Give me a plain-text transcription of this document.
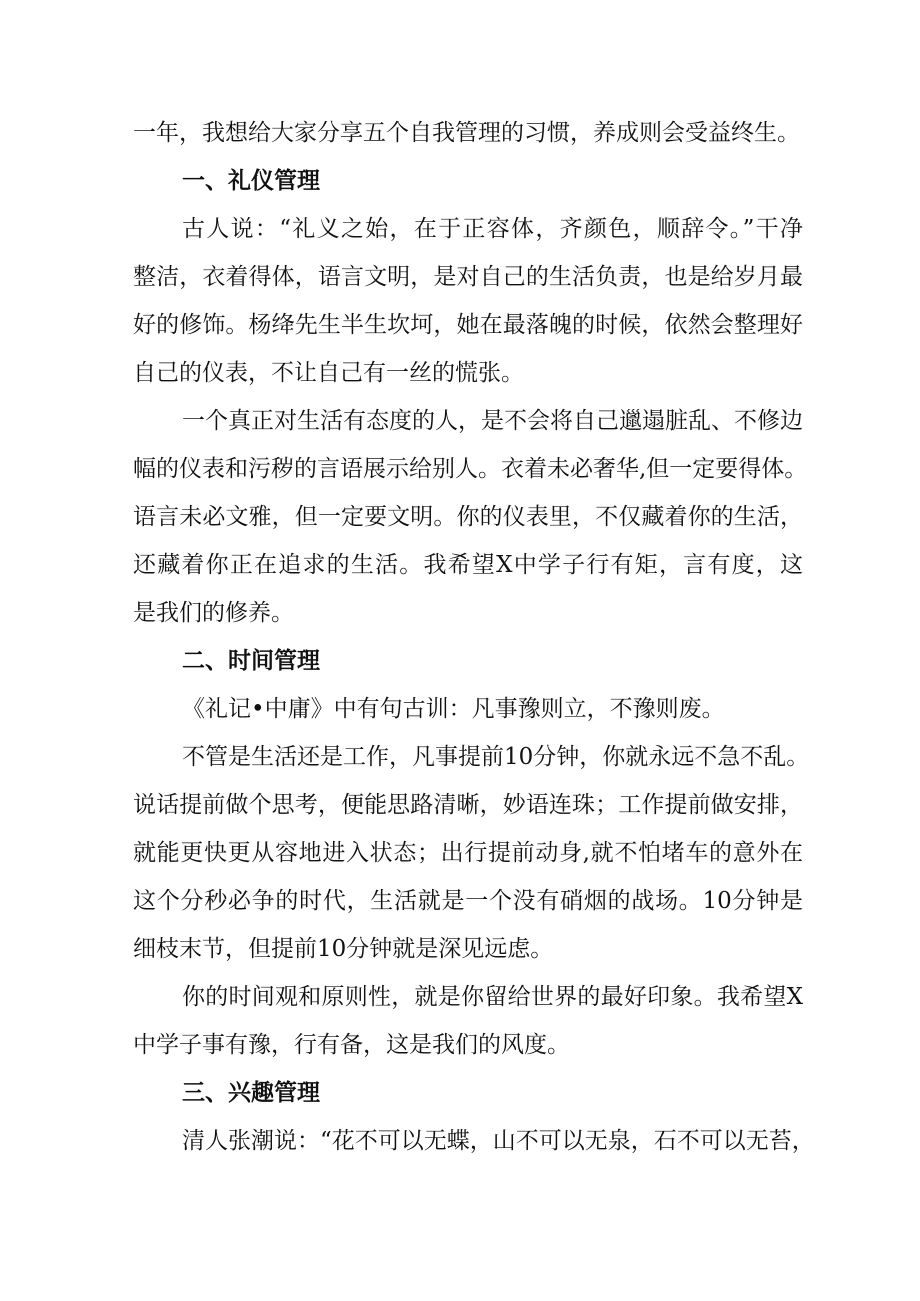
一年，我想给大家分享五个自我管理的习惯，养成则会受益终生。
一、礼仪管理
古人说：“礼义之始，在于正容体，齐颜色，顺辞令。”干净
整洁，衣着得体，语言文明，是对自己的生活负责，也是给岁月最
好的修饰。杨绛先生半生坎坷，她在最落魄的时候，依然会整理好
自己的仪表，不让自己有一丝的慌张。
一个真正对生活有态度的人，是不会将自己邋遢脏乱、不修边
幅的仪表和污秽的言语展示给别人。衣着未必奢华,但一定要得体。
语言未必文雅，但一定要文明。你的仪表里，不仅藏着你的生活，
还藏着你正在追求的生活。我希望X中学子行有矩，言有度，这
是我们的修养。
二、时间管理
《礼记•中庸》中有句古训：凡事豫则立，不豫则废。
不管是生活还是工作，凡事提前10分钟，你就永远不急不乱。
说话提前做个思考，便能思路清晰，妙语连珠；工作提前做安排，
就能更快更从容地进入状态；出行提前动身,就不怕堵车的意外在
这个分秒必争的时代，生活就是一个没有硝烟的战场。10分钟是
细枝末节，但提前10分钟就是深见远虑。
你的时间观和原则性，就是你留给世界的最好印象。我希望X
中学子事有豫，行有备，这是我们的风度。
三、兴趣管理
清人张潮说：“花不可以无蝶，山不可以无泉，石不可以无苔，
